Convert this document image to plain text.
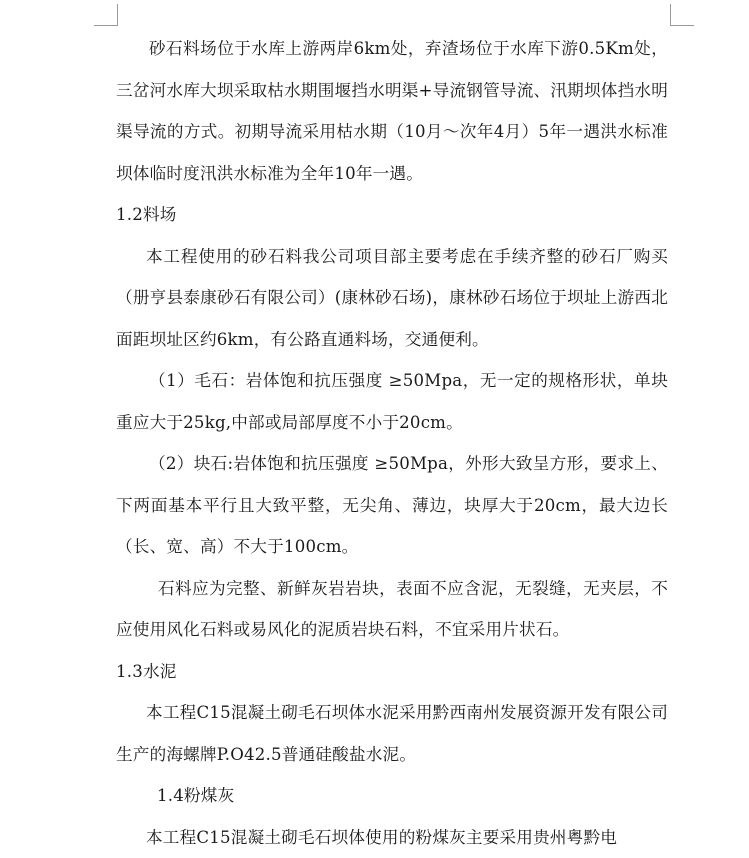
砂石料场位于水库上游两岸6km处，弃渣场位于水库下游0.5Km处，三岔河水库大坝采取枯水期围堰挡水明渠+导流钢管导流、汛期坝体挡水明渠导流的方式。初期导流采用枯水期（10月～次年4月）5年一遇洪水标准坝体临时度汛洪水标准为全年10年一遇。

1.2料场

本工程使用的砂石料我公司项目部主要考虑在手续齐整的砂石厂购买（册亨县泰康砂石有限公司）(康林砂石场)，康林砂石场位于坝址上游西北面距坝址区约6km，有公路直通料场，交通便利。

（1）毛石：岩体饱和抗压强度 ≥50Mpa，无一定的规格形状，单块重应大于25kg,中部或局部厚度不小于20cm。

（2）块石:岩体饱和抗压强度 ≥50Mpa，外形大致呈方形，要求上、下两面基本平行且大致平整，无尖角、薄边，块厚大于20cm，最大边长（长、宽、高）不大于100cm。

石料应为完整、新鲜灰岩岩块，表面不应含泥，无裂缝，无夹层，不应使用风化石料或易风化的泥质岩块石料，不宜采用片状石。

1.3水泥

本工程C15混凝土砌毛石坝体水泥采用黔西南州发展资源开发有限公司生产的海螺牌P.O42.5普通硅酸盐水泥。

1.4粉煤灰

本工程C15混凝土砌毛石坝体使用的粉煤灰主要采用贵州粤黔电
